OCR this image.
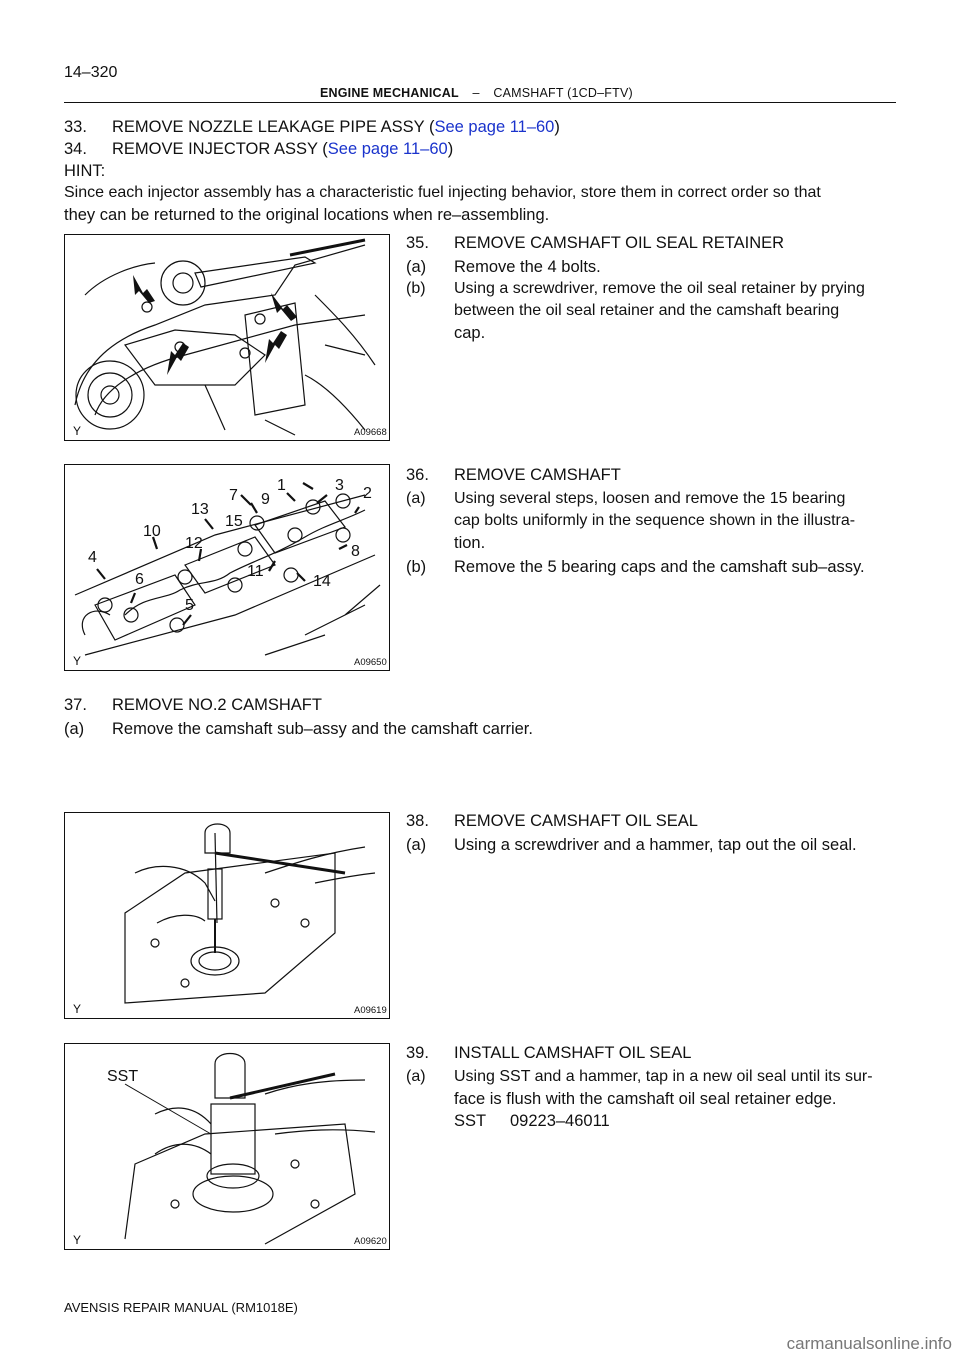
14–320
ENGINE MECHANICAL – CAMSHAFT (1CD–FTV)
33. REMOVE NOZZLE LEAKAGE PIPE ASSY (See page 11–60)
34. REMOVE INJECTOR ASSY (See page 11–60)
HINT:
Since each injector assembly has a characteristic fuel injecting behavior, store them in correct order so that
they can be returned to the original locations when re–assembling.
Y	A09668
35. REMOVE CAMSHAFT OIL SEAL RETAINER
(a) Remove the 4 bolts.
(b) Using a screwdriver, remove the oil seal retainer by prying
between the oil seal retainer and the camshaft bearing
cap.
1	2
3
4
5
6
7
8
9
10
11
12
13
14
15
Y	A09650
36. REMOVE CAMSHAFT
(a) Using several steps, loosen and remove the 15 bearing
cap bolts uniformly in the sequence shown in the illustra-
tion.
(b) Remove the 5 bearing caps and the camshaft sub–assy.
37. REMOVE NO.2 CAMSHAFT
(a) Remove the camshaft sub–assy and the camshaft carrier.
Y	A09619
38. REMOVE CAMSHAFT OIL SEAL
(a) Using a screwdriver and a hammer, tap out the oil seal.
SST
Y	A09620
39. INSTALL CAMSHAFT OIL SEAL
(a) Using SST and a hammer, tap in a new oil seal until its sur-
face is flush with the camshaft oil seal retainer edge.
SST 09223–46011
AVENSIS REPAIR MANUAL (RM1018E)
carmanualsonline.info
